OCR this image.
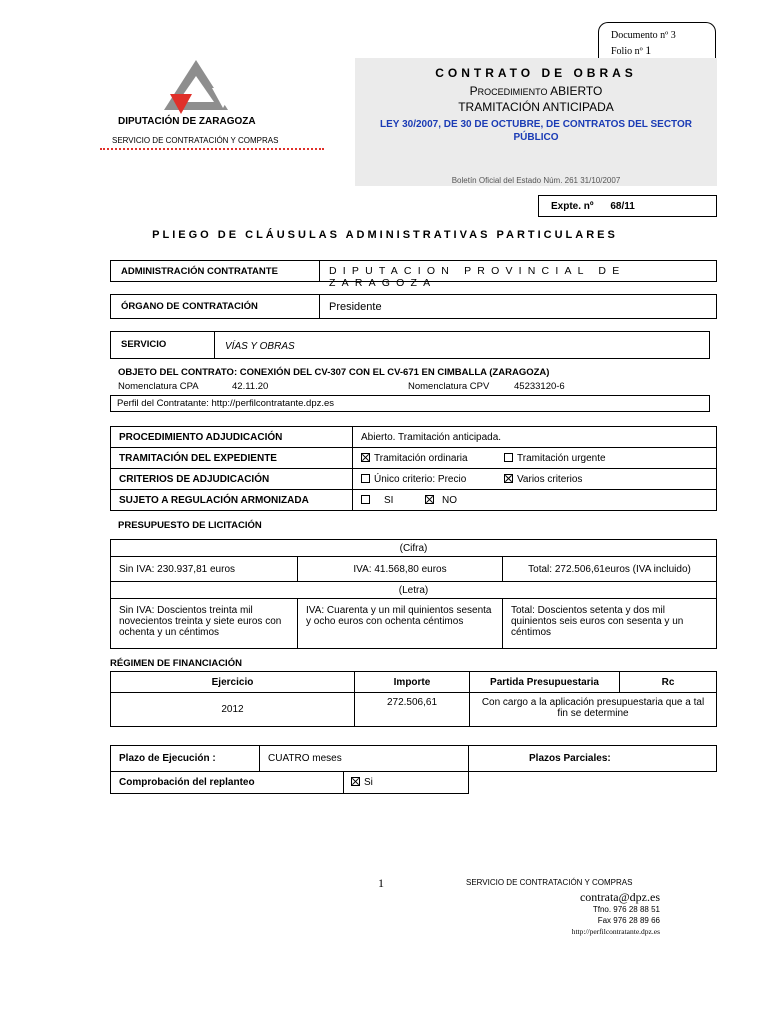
Documento nº 3
Folio nº 1
DIPUTACIÓN DE ZARAGOZA
SERVICIO DE CONTRATACIÓN Y COMPRAS
CONTRATO DE OBRAS
PROCEDIMIENTO ABIERTO
TRAMITACIÓN ANTICIPADA
LEY 30/2007, DE 30 DE OCTUBRE, DE CONTRATOS DEL SECTOR PÚBLICO
Boletín Oficial del Estado Núm. 261 31/10/2007
Expte. nº 68/11
PLIEGO DE CLÁUSULAS ADMINISTRATIVAS PARTICULARES
ADMINISTRACIÓN CONTRATANTE	DIPUTACION PROVINCIAL DE ZARAGOZA
ÓRGANO DE CONTRATACIÓN	Presidente
SERVICIO	VÍAS Y OBRAS
OBJETO DEL CONTRATO: CONEXIÓN DEL CV-307 CON EL CV-671 EN CIMBALLA (ZARAGOZA)
Nomenclatura CPA	42.11.20	Nomenclatura CPV	45233120-6
Perfil del Contratante: http://perfilcontratante.dpz.es
PROCEDIMIENTO ADJUDICACIÓN	Abierto. Tramitación anticipada.
TRAMITACIÓN DEL EXPEDIENTE	Tramitación ordinaria Tramitación urgente
CRITERIOS DE ADJUDICACIÓN	Único criterio: Precio Varios criterios
SUJETO A REGULACIÓN ARMONIZADA	SI NO
PRESUPUESTO DE LICITACIÓN
(Cifra)		
Sin IVA: 230.937,81 euros	IVA: 41.568,80 euros	Total: 272.506,61euros (IVA incluido)
(Letra)		
Sin IVA: Doscientos treinta mil novecientos treinta y siete euros con ochenta y un céntimos	IVA: Cuarenta y un mil quinientos sesenta y ocho euros con ochenta céntimos	Total: Doscientos setenta y dos mil quinientos seis euros con sesenta y un céntimos
RÉGIMEN DE FINANCIACIÓN
Ejercicio	Importe	Partida Presupuestaria	Rc
2012	272.506,61	Con cargo a la aplicación presupuestaria que a tal fin se determine	
Plazo de Ejecución :	CUATRO meses	Plazos Parciales:
Comprobación del replanteo Si		

1	SERVICIO DE CONTRATACIÓN Y COMPRAS
contrata@dpz.es
Tfno. 976 28 88 51
Fax 976 28 89 66
http://perfilcontratante.dpz.es
